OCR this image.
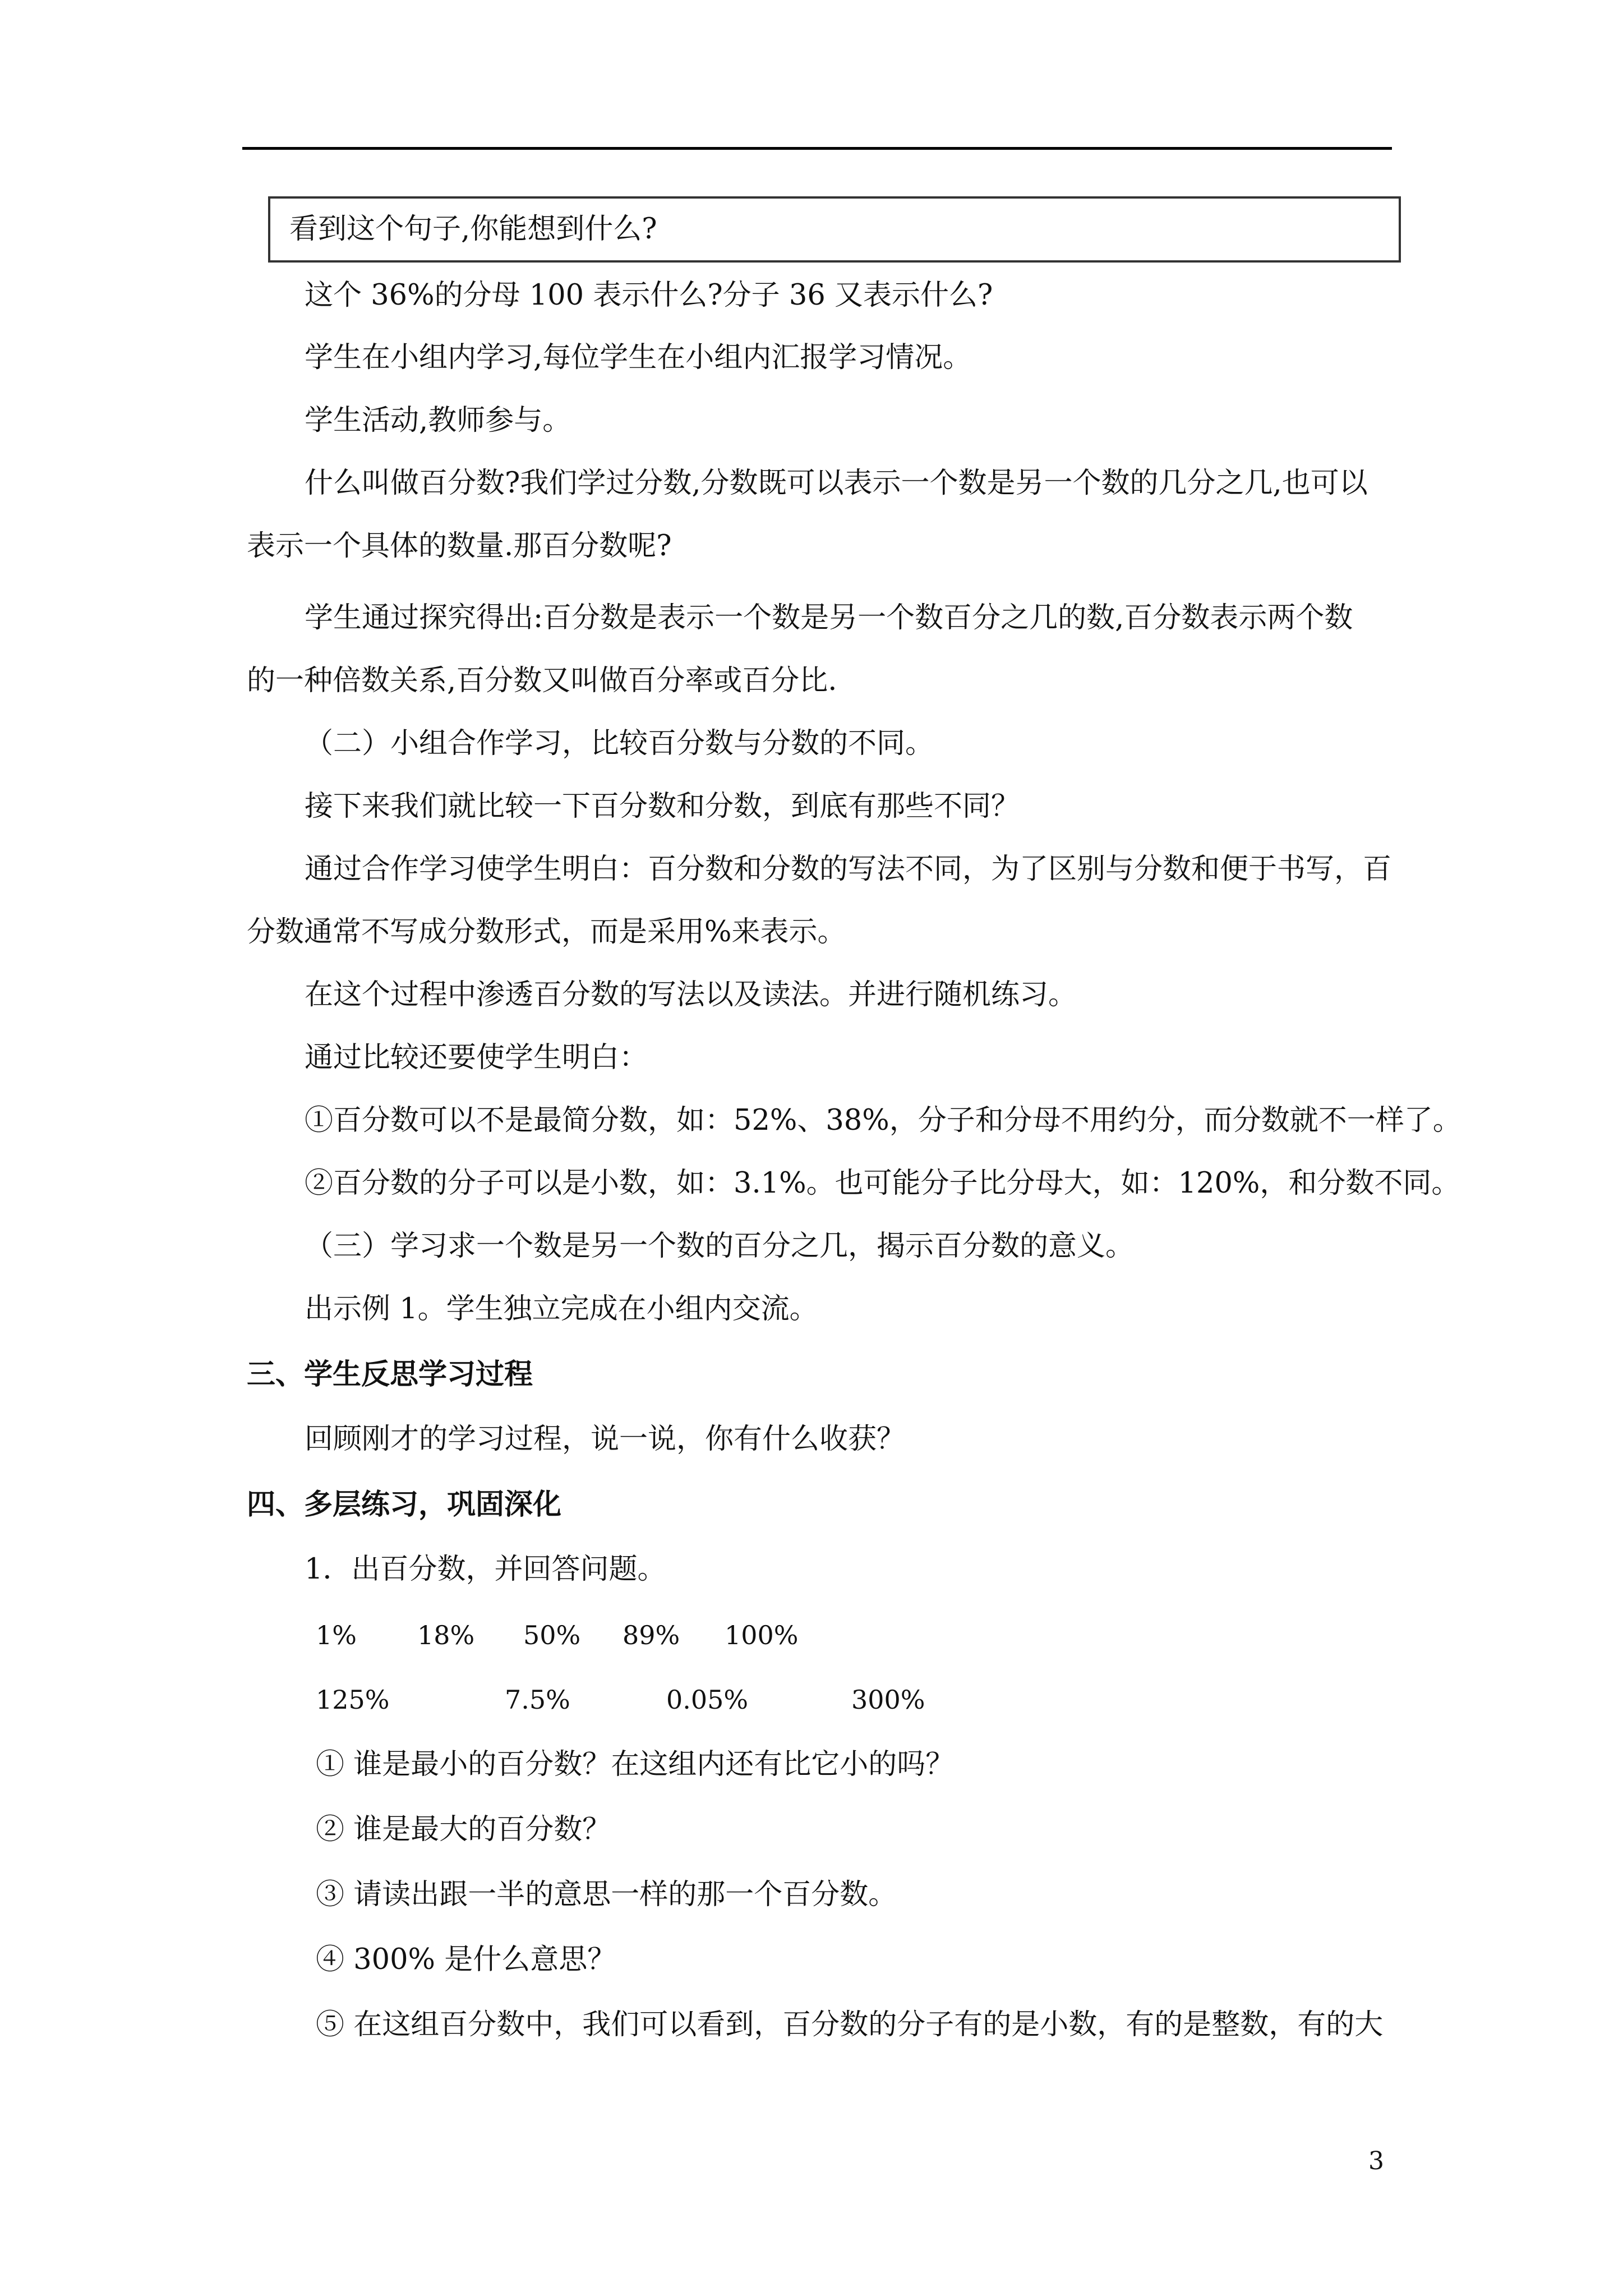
看到这个句子,你能想到什么?
这个 36%的分母 100 表示什么?分子 36 又表示什么?
学生在小组内学习,每位学生在小组内汇报学习情况。
学生活动,教师参与。
什么叫做百分数?我们学过分数,分数既可以表示一个数是另一个数的几分之几,也可以
表示一个具体的数量.那百分数呢?
学生通过探究得出:百分数是表示一个数是另一个数百分之几的数,百分数表示两个数
的一种倍数关系,百分数又叫做百分率或百分比.
（二）小组合作学习，比较百分数与分数的不同。
接下来我们就比较一下百分数和分数，到底有那些不同？
通过合作学习使学生明白：百分数和分数的写法不同，为了区别与分数和便于书写，百
分数通常不写成分数形式，而是采用%来表示。
在这个过程中渗透百分数的写法以及读法。并进行随机练习。
通过比较还要使学生明白：
①百分数可以不是最简分数，如：52%、38%，分子和分母不用约分，而分数就不一样了。
②百分数的分子可以是小数，如：3.1%。也可能分子比分母大，如：120%，和分数不同。
（三）学习求一个数是另一个数的百分之几，揭示百分数的意义。
出示例 1。学生独立完成在小组内交流。
三、学生反思学习过程
回顾刚才的学习过程，说一说，你有什么收获？
四、多层练习，巩固深化
1．出百分数，并回答问题。
1% 18% 50% 89% 100%
125%	7.5%	0.05%	300%
① 谁是最小的百分数？在这组内还有比它小的吗？
② 谁是最大的百分数？
③ 请读出跟一半的意思一样的那一个百分数。
④ 300% 是什么意思？
⑤ 在这组百分数中，我们可以看到，百分数的分子有的是小数，有的是整数，有的大
3
